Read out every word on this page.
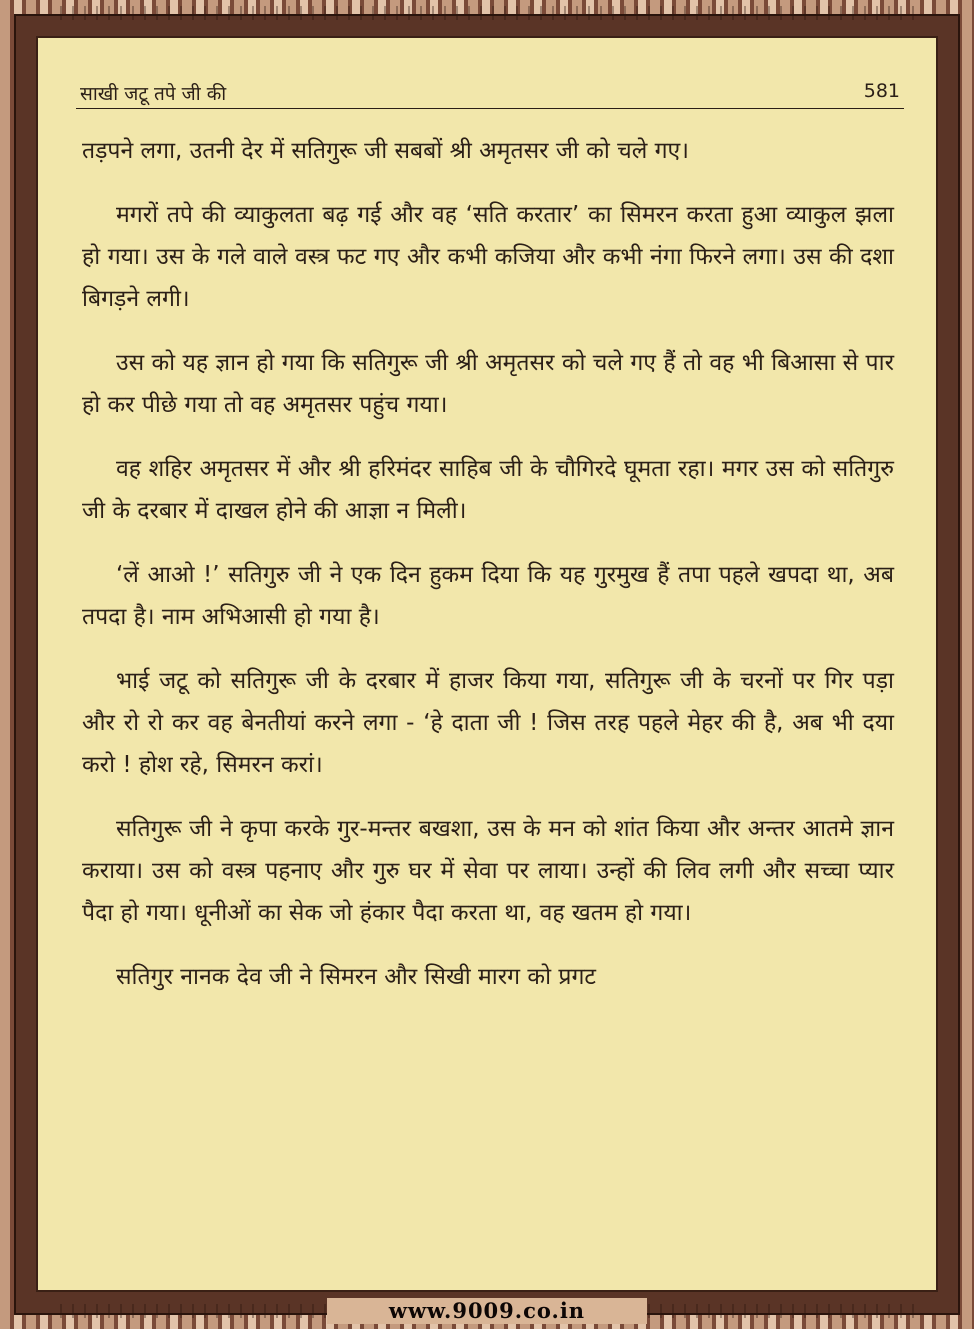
साखी जटू तपे जी की	581

तड़पने लगा, उतनी देर में सतिगुरू जी सबबों श्री अमृतसर जी को चले गए।

मगरों तपे की व्याकुलता बढ़ गई और वह ‘सति करतार’ का सिमरन करता हुआ व्याकुल झला हो गया। उस के गले वाले वस्त्र फट गए और कभी कजिया और कभी नंगा फिरने लगा। उस की दशा बिगड़ने लगी।

उस को यह ज्ञान हो गया कि सतिगुरू जी श्री अमृतसर को चले गए हैं तो वह भी बिआसा से पार हो कर पीछे गया तो वह अमृतसर पहुंच गया।

वह शहिर अमृतसर में और श्री हरिमंदर साहिब जी के चौगिरदे घूमता रहा। मगर उस को सतिगुरु जी के दरबार में दाखल होने की आज्ञा न मिली।

‘लें आओ !’ सतिगुरु जी ने एक दिन हुकम दिया कि यह गुरमुख हैं तपा पहले खपदा था, अब तपदा है। नाम अभिआसी हो गया है।

भाई जटू को सतिगुरू जी के दरबार में हाजर किया गया, सतिगुरू जी के चरनों पर गिर पड़ा और रो रो कर वह बेनतीयां करने लगा - ‘हे दाता जी ! जिस तरह पहले मेहर की है, अब भी दया करो ! होश रहे, सिमरन करां।

सतिगुरू जी ने कृपा करके गुर-मन्तर बखशा, उस के मन को शांत किया और अन्तर आतमे ज्ञान कराया। उस को वस्त्र पहनाए और गुरु घर में सेवा पर लाया। उन्हों की लिव लगी और सच्चा प्यार पैदा हो गया। धूनीओं का सेक जो हंकार पैदा करता था, वह खतम हो गया।

सतिगुर नानक देव जी ने सिमरन और सिखी मारग को प्रगट

www.9009.co.in
